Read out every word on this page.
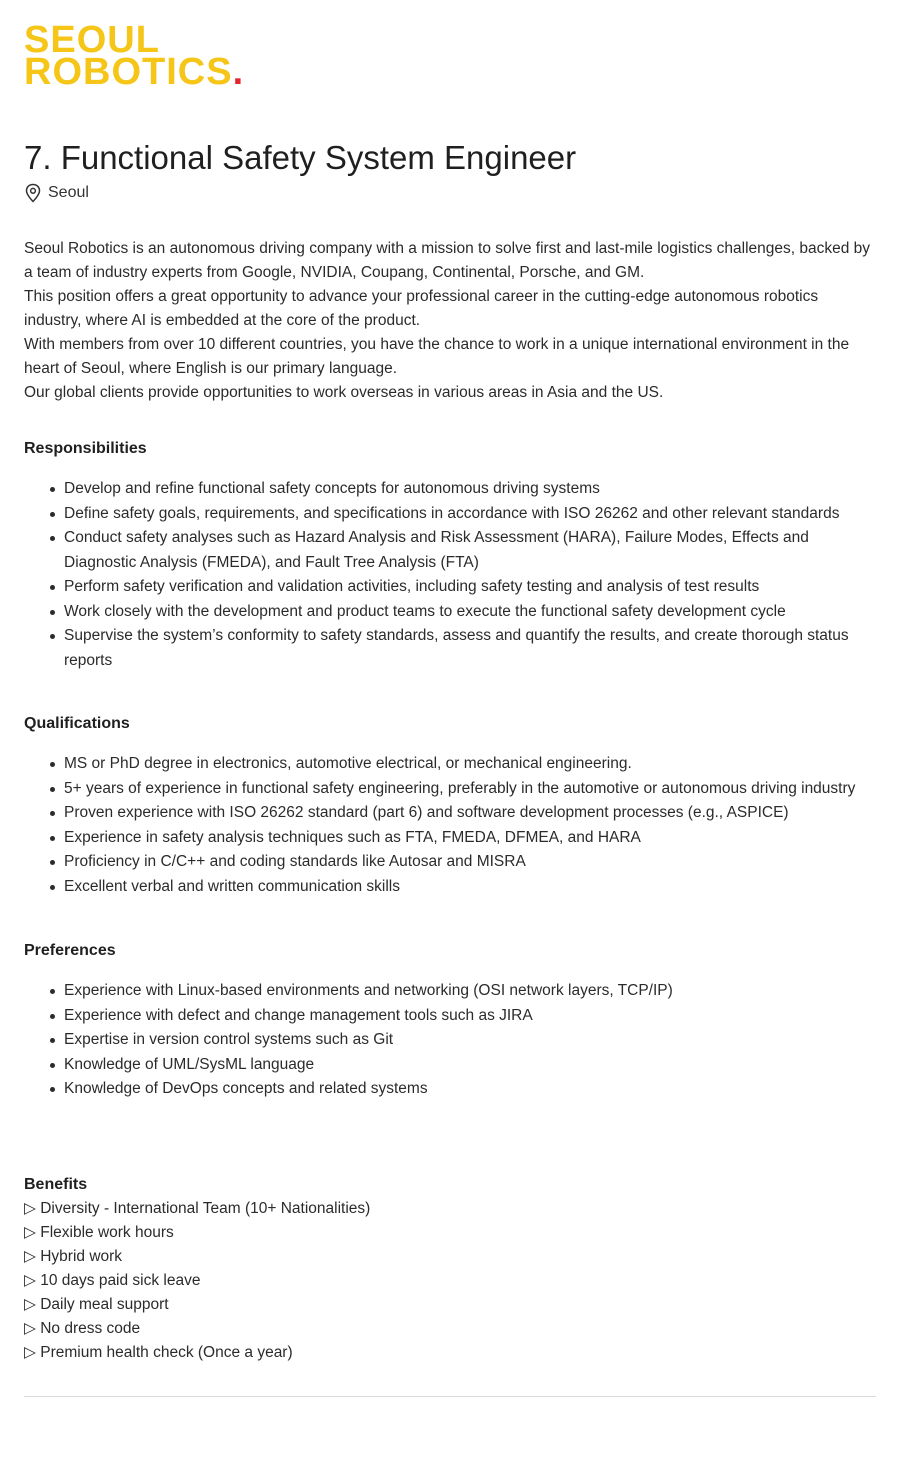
SEOUL
ROBOTICS.
7. Functional Safety System Engineer
Seoul

Seoul Robotics is an autonomous driving company with a mission to solve first and last-mile logistics challenges, backed by a team of industry experts from Google, NVIDIA, Coupang, Continental, Porsche, and GM.

This position offers a great opportunity to advance your professional career in the cutting-edge autonomous robotics industry, where AI is embedded at the core of the product.

With members from over 10 different countries, you have the chance to work in a unique international environment in the heart of Seoul, where English is our primary language.

Our global clients provide opportunities to work overseas in various areas in Asia and the US.

Responsibilities
Develop and refine functional safety concepts for autonomous driving systems
Define safety goals, requirements, and specifications in accordance with ISO 26262 and other relevant standards
Conduct safety analyses such as Hazard Analysis and Risk Assessment (HARA), Failure Modes, Effects and Diagnostic Analysis (FMEDA), and Fault Tree Analysis (FTA)
Perform safety verification and validation activities, including safety testing and analysis of test results
Work closely with the development and product teams to execute the functional safety development cycle
Supervise the system’s conformity to safety standards, assess and quantify the results, and create thorough status reports
Qualifications
MS or PhD degree in electronics, automotive electrical, or mechanical engineering.
5+ years of experience in functional safety engineering, preferably in the automotive or autonomous driving industry
Proven experience with ISO 26262 standard (part 6) and software development processes (e.g., ASPICE)
Experience in safety analysis techniques such as FTA, FMEDA, DFMEA, and HARA
Proficiency in C/C++ and coding standards like Autosar and MISRA
Excellent verbal and written communication skills
Preferences
Experience with Linux-based environments and networking (OSI network layers, TCP/IP)
Experience with defect and change management tools such as JIRA
Expertise in version control systems such as Git
Knowledge of UML/SysML language
Knowledge of DevOps concepts and related systems
Benefits
▷ Diversity - International Team (10+ Nationalities)
▷ Flexible work hours
▷ Hybrid work
▷ 10 days paid sick leave
▷ Daily meal support
▷ No dress code
▷ Premium health check (Once a year)
